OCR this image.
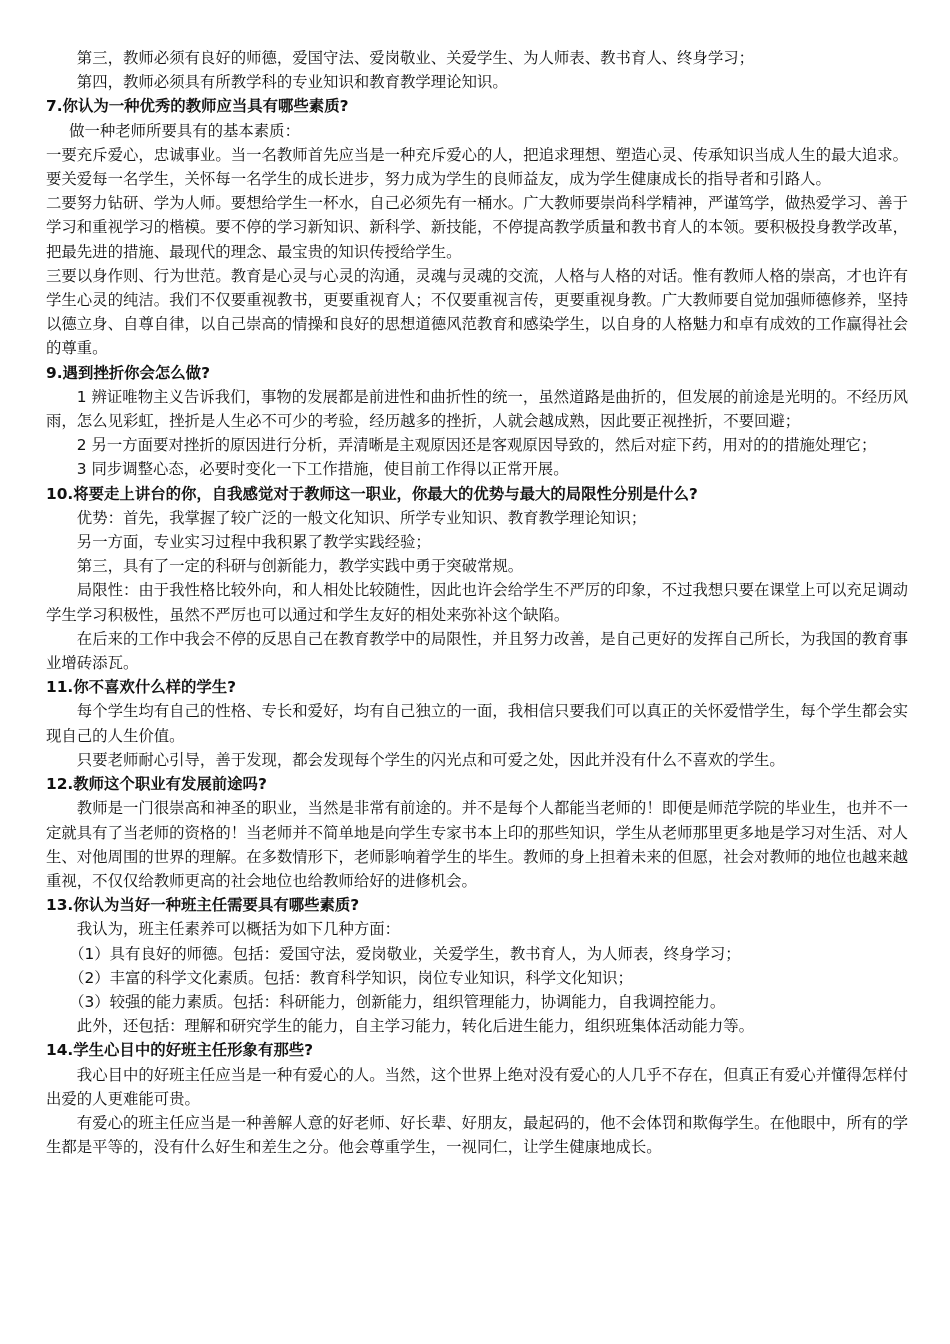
第三，教师必须有良好的师德，爱国守法、爱岗敬业、关爱学生、为人师表、教书育人、终身学习；

第四，教师必须具有所教学科的专业知识和教育教学理论知识。

7.你认为一种优秀的教师应当具有哪些素质?

做一种老师所要具有的基本素质：

一要充斥爱心，忠诚事业。当一名教师首先应当是一种充斥爱心的人，把追求理想、塑造心灵、传承知识当成人生的最大追求。要关爱每一名学生，关怀每一名学生的成长进步，努力成为学生的良师益友，成为学生健康成长的指导者和引路人。

二要努力钻研、学为人师。要想给学生一杯水，自己必须先有一桶水。广大教师要崇尚科学精神，严谨笃学，做热爱学习、善于学习和重视学习的楷模。要不停的学习新知识、新科学、新技能，不停提高教学质量和教书育人的本领。要积极投身教学改革，把最先进的措施、最现代的理念、最宝贵的知识传授给学生。

三要以身作则、行为世范。教育是心灵与心灵的沟通，灵魂与灵魂的交流，人格与人格的对话。惟有教师人格的崇高，才也许有学生心灵的纯洁。我们不仅要重视教书，更要重视育人；不仅要重视言传，更要重视身教。广大教师要自觉加强师德修养，坚持以德立身、自尊自律，以自己崇高的情操和良好的思想道德风范教育和感染学生，以自身的人格魅力和卓有成效的工作赢得社会的尊重。

9.遇到挫折你会怎么做?

1 辨证唯物主义告诉我们，事物的发展都是前进性和曲折性的统一，虽然道路是曲折的，但发展的前途是光明的。不经历风雨，怎么见彩虹，挫折是人生必不可少的考验，经历越多的挫折，人就会越成熟，因此要正视挫折，不要回避；

2 另一方面要对挫折的原因进行分析，弄清晰是主观原因还是客观原因导致的，然后对症下药，用对的的措施处理它；

3 同步调整心态，必要时变化一下工作措施，使目前工作得以正常开展。

10.将要走上讲台的你，自我感觉对于教师这一职业，你最大的优势与最大的局限性分别是什么?

优势：首先，我掌握了较广泛的一般文化知识、所学专业知识、教育教学理论知识；

另一方面，专业实习过程中我积累了教学实践经验；

第三，具有了一定的科研与创新能力，教学实践中勇于突破常规。

局限性：由于我性格比较外向，和人相处比较随性，因此也许会给学生不严厉的印象，不过我想只要在课堂上可以充足调动学生学习积极性，虽然不严厉也可以通过和学生友好的相处来弥补这个缺陷。

在后来的工作中我会不停的反思自己在教育教学中的局限性，并且努力改善，是自己更好的发挥自己所长，为我国的教育事业增砖添瓦。

11.你不喜欢什么样的学生?

每个学生均有自己的性格、专长和爱好，均有自己独立的一面，我相信只要我们可以真正的关怀爱惜学生，每个学生都会实现自己的人生价值。

只要老师耐心引导，善于发现，都会发现每个学生的闪光点和可爱之处，因此并没有什么不喜欢的学生。

12.教师这个职业有发展前途吗?

教师是一门很崇高和神圣的职业，当然是非常有前途的。并不是每个人都能当老师的！即便是师范学院的毕业生，也并不一定就具有了当老师的资格的！当老师并不简单地是向学生专家书本上印的那些知识，学生从老师那里更多地是学习对生活、对人生、对他周围的世界的理解。在多数情形下，老师影响着学生的毕生。教师的身上担着未来的但愿，社会对教师的地位也越来越重视，不仅仅给教师更高的社会地位也给教师给好的进修机会。

13.你认为当好一种班主任需要具有哪些素质?

我认为，班主任素养可以概括为如下几种方面：

（1）具有良好的师德。包括：爱国守法，爱岗敬业，关爱学生，教书育人，为人师表，终身学习；

（2）丰富的科学文化素质。包括：教育科学知识，岗位专业知识，科学文化知识；

（3）较强的能力素质。包括：科研能力，创新能力，组织管理能力，协调能力，自我调控能力。

此外，还包括：理解和研究学生的能力，自主学习能力，转化后进生能力，组织班集体活动能力等。

14.学生心目中的好班主任形象有那些?

我心目中的好班主任应当是一种有爱心的人。当然，这个世界上绝对没有爱心的人几乎不存在，但真正有爱心并懂得怎样付出爱的人更难能可贵。

有爱心的班主任应当是一种善解人意的好老师、好长辈、好朋友，最起码的，他不会体罚和欺侮学生。在他眼中，所有的学生都是平等的，没有什么好生和差生之分。他会尊重学生，一视同仁，让学生健康地成长。
